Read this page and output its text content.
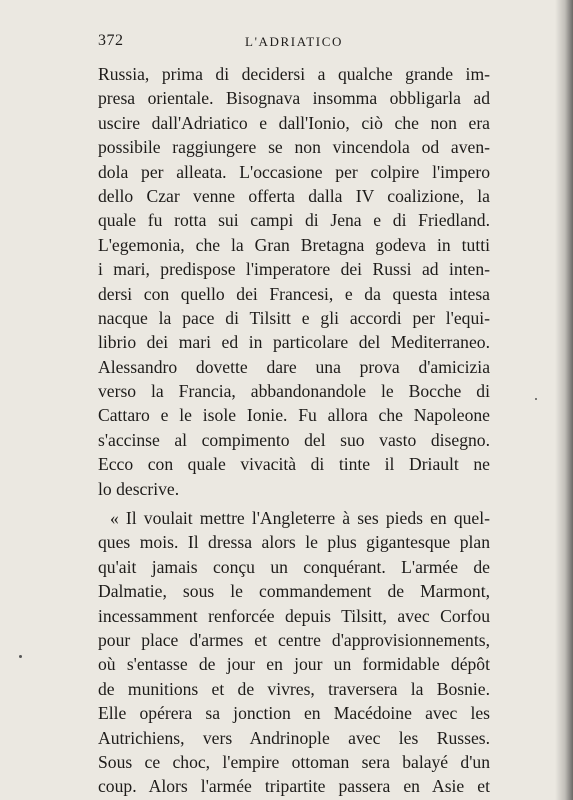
372	L'ADRIATICO
Russia, prima di decidersi a qualche grande im-
presa orientale. Bisognava insomma obbligarla ad
uscire dall'Adriatico e dall'Ionio, ciò che non era
possibile raggiungere se non vincendola od aven-
dola per alleata. L'occasione per colpire l'impero
dello Czar venne offerta dalla IV coalizione, la
quale fu rotta sui campi di Jena e di Friedland.
L'egemonia, che la Gran Bretagna godeva in tutti
i mari, predispose l'imperatore dei Russi ad inten-
dersi con quello dei Francesi, e da questa intesa
nacque la pace di Tilsitt e gli accordi per l'equi-
librio dei mari ed in particolare del Mediterraneo.
Alessandro dovette dare una prova d'amicizia
verso la Francia, abbandonandole le Bocche di
Cattaro e le isole Ionie. Fu allora che Napoleone
s'accinse al compimento del suo vasto disegno.
Ecco con quale vivacità di tinte il Driault ne
lo descrive.
« Il voulait mettre l'Angleterre à ses pieds en quel-
ques mois. Il dressa alors le plus gigantesque plan
qu'ait jamais conçu un conquérant. L'armée de
Dalmatie, sous le commandement de Marmont,
incessamment renforcée depuis Tilsitt, avec Corfou
pour place d'armes et centre d'approvisionnements,
où s'entasse de jour en jour un formidable dépôt
de munitions et de vivres, traversera la Bosnie.
Elle opérera sa jonction en Macédoine avec les
Autrichiens, vers Andrinople avec les Russes.
Sous ce choc, l'empire ottoman sera balayé d'un
coup. Alors l'armée tripartite passera en Asie et
